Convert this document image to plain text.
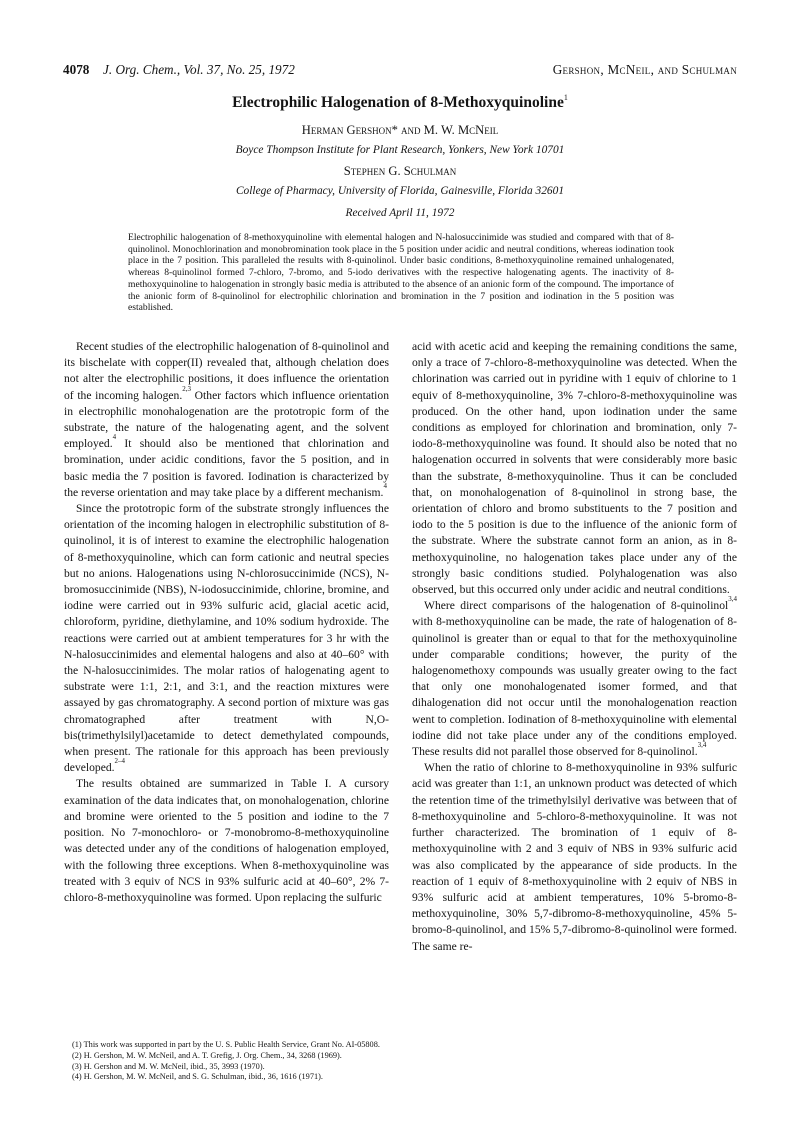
4078 J. Org. Chem., Vol. 37, No. 25, 1972	Gershon, McNeil, and Schulman
Electrophilic Halogenation of 8-Methoxyquinoline$^1$
Herman Gershon* and M. W. McNeil
Boyce Thompson Institute for Plant Research, Yonkers, New York 10701
Stephen G. Schulman
College of Pharmacy, University of Florida, Gainesville, Florida 32601
Received April 11, 1972

Electrophilic halogenation of 8-methoxyquinoline with elemental halogen and N-halosuccinimide was studied and compared with that of 8-quinolinol. Monochlorination and monobromination took place in the 5 position under acidic and neutral conditions, whereas iodination took place in the 7 position. This paralleled the results with 8-quinolinol. Under basic conditions, 8-methoxyquinoline remained unhalogenated, whereas 8-quinolinol formed 7-chloro, 7-bromo, and 5-iodo derivatives with the respective halogenating agents. The inactivity of 8-methoxyquinoline to halogenation in strongly basic media is attributed to the absence of an anionic form of the compound. The importance of the anionic form of 8-quinolinol for electrophilic chlorination and bromination in the 7 position and iodination in the 5 position was established.

Recent studies of the electrophilic halogenation of 8-quinolinol and its bischelate with copper(II) revealed that, although chelation does not alter the electrophilic positions, it does influence the orientation of the incoming halogen.$^{2,3}$ Other factors which influence orientation in electrophilic monohalogenation are the prototropic form of the substrate, the nature of the halogenating agent, and the solvent employed.$^4$ It should also be mentioned that chlorination and bromination, under acidic conditions, favor the 5 position, and in basic media the 7 position is favored. Iodination is characterized by the reverse orientation and may take place by a different mechanism.$^4$

Since the prototropic form of the substrate strongly influences the orientation of the incoming halogen in electrophilic substitution of 8-quinolinol, it is of interest to examine the electrophilic halogenation of 8-methoxyquinoline, which can form cationic and neutral species but no anions. Halogenations using N-chlorosuccinimide (NCS), N-bromosuccinimide (NBS), N-iodosuccinimide, chlorine, bromine, and iodine were carried out in 93% sulfuric acid, glacial acetic acid, chloroform, pyridine, diethylamine, and 10% sodium hydroxide. The reactions were carried out at ambient temperatures for 3 hr with the N-halosuccinimides and elemental halogens and also at 40–60° with the N-halosuccinimides. The molar ratios of halogenating agent to substrate were 1:1, 2:1, and 3:1, and the reaction mixtures were assayed by gas chromatography. A second portion of mixture was gas chromatographed after treatment with N,O-bis(trimethylsilyl)acetamide to detect demethylated compounds, when present. The rationale for this approach has been previously developed.$^{2-4}$

The results obtained are summarized in Table I. A cursory examination of the data indicates that, on monohalogenation, chlorine and bromine were oriented to the 5 position and iodine to the 7 position. No 7-monochloro- or 7-monobromo-8-methoxyquinoline was detected under any of the conditions of halogenation employed, with the following three exceptions. When 8-methoxyquinoline was treated with 3 equiv of NCS in 93% sulfuric acid at 40–60°, 2% 7-chloro-8-methoxyquinoline was formed. Upon replacing the sulfuric

acid with acetic acid and keeping the remaining conditions the same, only a trace of 7-chloro-8-methoxyquinoline was detected. When the chlorination was carried out in pyridine with 1 equiv of chlorine to 1 equiv of 8-methoxyquinoline, 3% 7-chloro-8-methoxyquinoline was produced. On the other hand, upon iodination under the same conditions as employed for chlorination and bromination, only 7-iodo-8-methoxyquinoline was found. It should also be noted that no halogenation occurred in solvents that were considerably more basic than the substrate, 8-methoxyquinoline. Thus it can be concluded that, on monohalogenation of 8-quinolinol in strong base, the orientation of chloro and bromo substituents to the 7 position and iodo to the 5 position is due to the influence of the anionic form of the substrate. Where the substrate cannot form an anion, as in 8-methoxyquinoline, no halogenation takes place under any of the strongly basic conditions studied. Polyhalogenation was also observed, but this occurred only under acidic and neutral conditions.

Where direct comparisons of the halogenation of 8-quinolinol$^{3,4}$ with 8-methoxyquinoline can be made, the rate of halogenation of 8-quinolinol is greater than or equal to that for the methoxyquinoline under comparable conditions; however, the purity of the halogenomethoxy compounds was usually greater owing to the fact that only one monohalogenated isomer formed, and that dihalogenation did not occur until the monohalogenation reaction went to completion. Iodination of 8-methoxyquinoline with elemental iodine did not take place under any of the conditions employed. These results did not parallel those observed for 8-quinolinol.$^{3,4}$

When the ratio of chlorine to 8-methoxyquinoline in 93% sulfuric acid was greater than 1:1, an unknown product was detected of which the retention time of the trimethylsilyl derivative was between that of 8-methoxyquinoline and 5-chloro-8-methoxyquinoline. It was not further characterized. The bromination of 1 equiv of 8-methoxyquinoline with 2 and 3 equiv of NBS in 93% sulfuric acid was also complicated by the appearance of side products. In the reaction of 1 equiv of 8-methoxyquinoline with 2 equiv of NBS in 93% sulfuric acid at ambient temperatures, 10% 5-bromo-8-methoxyquinoline, 30% 5,7-dibromo-8-methoxyquinoline, 45% 5-bromo-8-quinolinol, and 15% 5,7-dibromo-8-quinolinol were formed. The same re-

(1) This work was supported in part by the U. S. Public Health Service, Grant No. AI-05808.
(2) H. Gershon, M. W. McNeil, and A. T. Grefig, J. Org. Chem., 34, 3268 (1969).
(3) H. Gershon and M. W. McNeil, ibid., 35, 3993 (1970).
(4) H. Gershon, M. W. McNeil, and S. G. Schulman, ibid., 36, 1616 (1971).
